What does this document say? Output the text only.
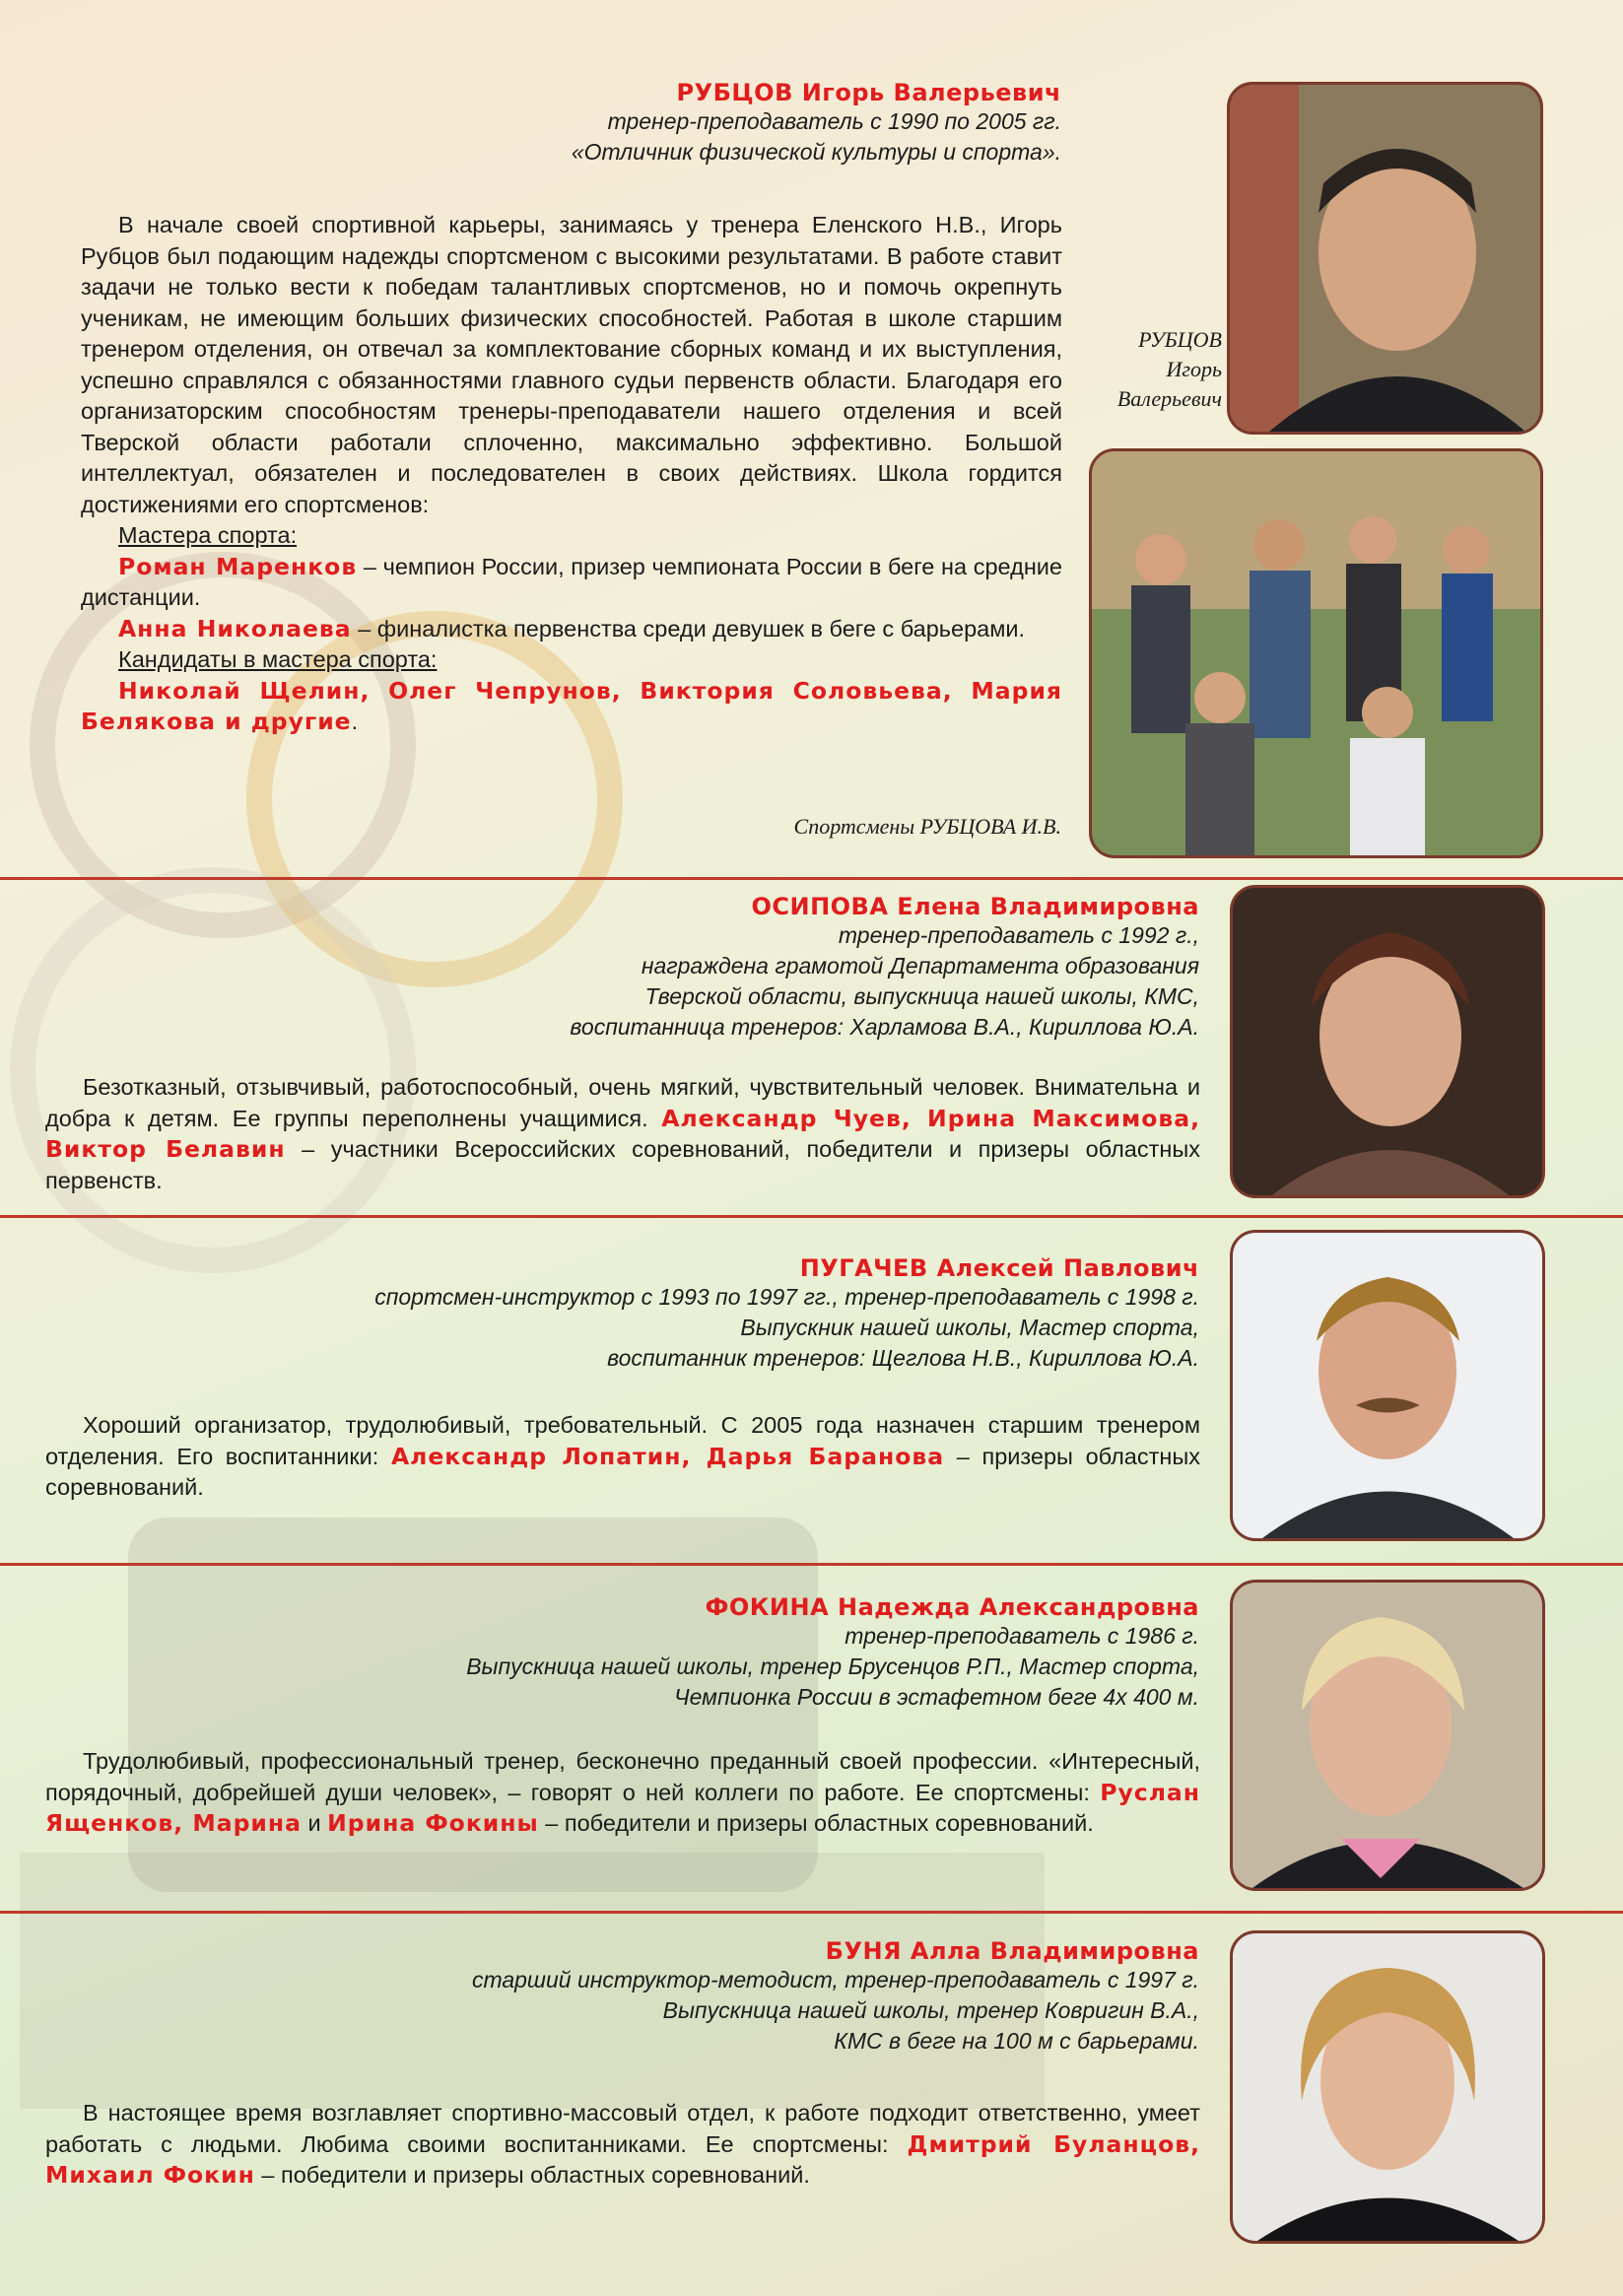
РУБЦОВ Игорь Валерьевич
тренер-преподаватель с 1990 по 2005 гг.
«Отличник физической культуры и спорта».

В начале своей спортивной карьеры, занимаясь у тренера Еленского Н.В., Игорь Рубцов был подающим надежды спортсменом с высокими результатами. В работе ставит задачи не только вести к победам талантливых спортсменов, но и помочь окрепнуть ученикам, не имеющим больших физических способностей. Работая в школе старшим тренером отделения, он отвечал за комплектование сборных команд и их выступления, успешно справлялся с обязанностями главного судьи первенств области. Благодаря его организаторским способностям тренеры-преподаватели нашего отделения и всей Тверской области работали сплоченно, максимально эффективно. Большой интеллектуал, обязателен и последователен в своих действиях. Школа гордится достижениями его спортсменов:

Мастера спорта:

Роман Маренков – чемпион России, призер чемпионата России в беге на средние дистанции.

Анна Николаева – финалистка первенства среди девушек в беге с барьерами.

Кандидаты в мастера спорта:

Николай Щелин, Олег Чепрунов, Виктория Соловьева, Мария Белякова и другие.

Спортсмены РУБЦОВА И.В.
РУБЦОВ
Игорь
Валерьевич
ОСИПОВА Елена Владимировна
тренер-преподаватель с 1992 г.,
награждена грамотой Департамента образования
Тверской области, выпускница нашей школы, КМС,
воспитанница тренеров: Харламова В.А., Кириллова Ю.А.

Безотказный, отзывчивый, работоспособный, очень мягкий, чувствительный человек. Внимательна и добра к детям. Ее группы переполнены учащимися. Александр Чуев, Ирина Максимова, Виктор Белавин – участники Всероссийских соревнований, победители и призеры областных первенств.

ПУГАЧЕВ Алексей Павлович
спортсмен-инструктор с 1993 по 1997 гг., тренер-преподаватель с 1998 г.
Выпускник нашей школы, Мастер спорта,
воспитанник тренеров: Щеглова Н.В., Кириллова Ю.А.

Хороший организатор, трудолюбивый, требовательный. С 2005 года назначен старшим тренером отделения. Его воспитанники: Александр Лопатин, Дарья Баранова – призеры областных соревнований.

ФОКИНА Надежда Александровна
тренер-преподаватель с 1986 г.
Выпускница нашей школы, тренер Брусенцов Р.П., Мастер спорта,
Чемпионка России в эстафетном беге 4х 400 м.

Трудолюбивый, профессиональный тренер, бесконечно преданный своей профессии. «Интересный, порядочный, добрейшей души человек», – говорят о ней коллеги по работе. Ее спортсмены: Руслан Ященков, Марина и Ирина Фокины – победители и призеры областных соревнований.

БУНЯ Алла Владимировна
старший инструктор-методист, тренер-преподаватель с 1997 г.
Выпускница нашей школы, тренер Ковригин В.А.,
КМС в беге на 100 м с барьерами.

В настоящее время возглавляет спортивно-массовый отдел, к работе подходит ответственно, умеет работать с людьми. Любима своими воспитанниками. Ее спортсмены: Дмитрий Буланцов, Михаил Фокин – победители и призеры областных соревнований.
